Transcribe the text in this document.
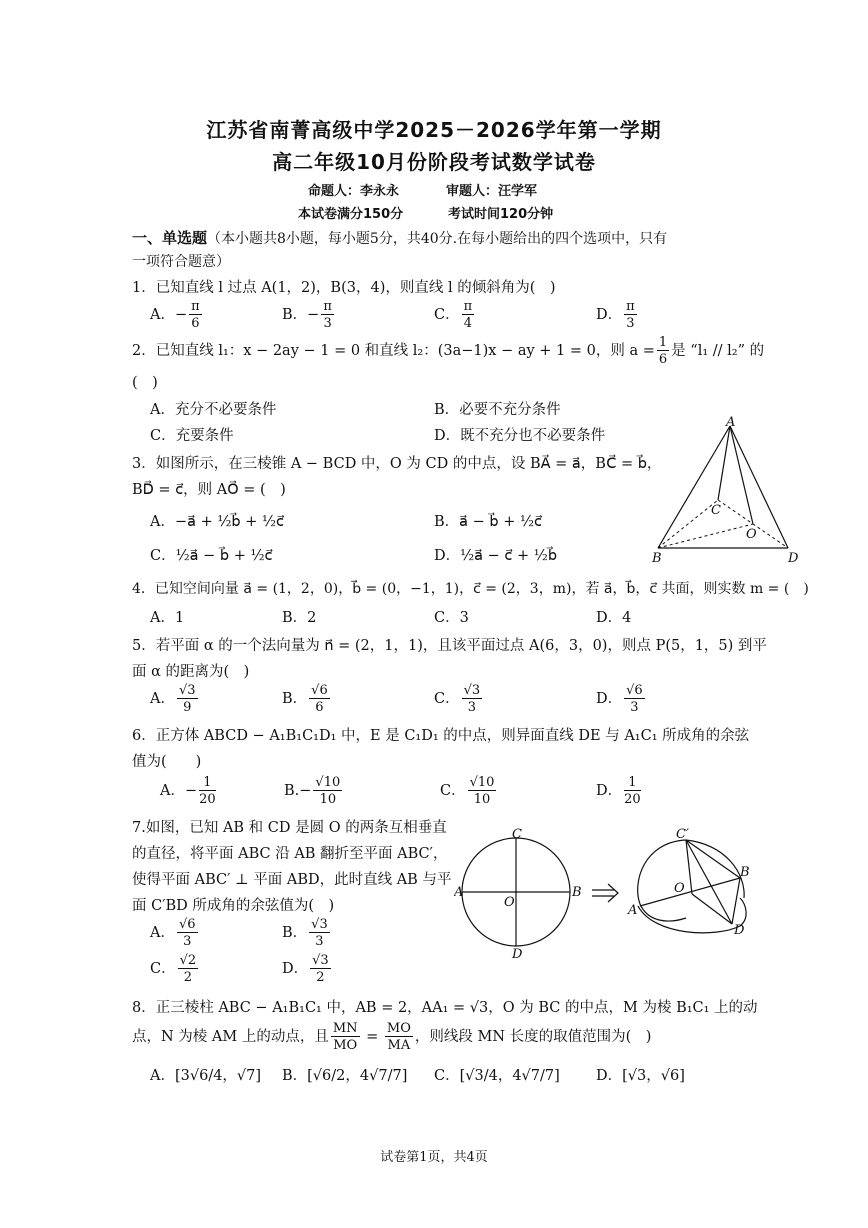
江苏省南菁高级中学2025－2026学年第一学期
高二年级10月份阶段考试数学试卷
命题人：李永永	审题人：汪学军
本试卷满分150分	考试时间120分钟
一、单选题（本小题共8小题，每小题5分，共40分.在每小题给出的四个选项中，只有
一项符合题意）
1．已知直线 l 过点 A(1，2)，B(3，4)，则直线 l 的倾斜角为(　)
A．− $\frac{\pi}{6}$	B．− $\frac{\pi}{3}$	C． $\frac{\pi}{4}$	D． $\frac{\pi}{3}$
2．已知直线 l₁：x − 2ay − 1 = 0 和直线 l₂：(3a−1)x − ay + 1 = 0，则 $a = \frac{1}{6}$ 是 “l₁ // l₂” 的
(　)
A．充分不必要条件	B．必要不充分条件
C．充要条件	D．既不充分也不必要条件
3．如图所示，在三棱锥 A − BCD 中，O 为 CD 的中点，设 BA⃗ = a⃗，BC⃗ = b⃗，
BD⃗ = c⃗，则 AO⃗ = (　)
A．−a⃗ + ½b⃗ + ½c⃗	B．a⃗ − b⃗ + ½c⃗
C．½a⃗ − b⃗ + ½c⃗	D．½a⃗ − c⃗ + ½b⃗
A
B
C
O
D
4．已知空间向量 a⃗ = (1，2，0)，b⃗ = (0，−1，1)，c⃗ = (2，3，m)，若 a⃗，b⃗，c⃗ 共面，则实数 m = (　)
A．1	B．2	C．3	D．4
5．若平面 α 的一个法向量为 n⃗ = (2，1，1)，且该平面过点 A(6，3，0)，则点 P(5，1，5) 到平
面 α 的距离为(　)
A． $\frac{√3}{9}$	B． $\frac{√6}{6}$	C． $\frac{√3}{3}$	D． $\frac{√6}{3}$
6．正方体 ABCD − A₁B₁C₁D₁ 中，E 是 C₁D₁ 的中点，则异面直线 DE 与 A₁C₁ 所成角的余弦
值为(　　)
A．− $\frac{1}{20}$	$B.- \frac{√10}{10}$	C． $\frac{√10}{10}$	D． $\frac{1}{20}$
7.如图，已知 AB 和 CD 是圆 O 的两条互相垂直
的直径，将平面 ABC 沿 AB 翻折至平面 ABC′，
使得平面 ABC′ ⊥ 平面 ABD，此时直线 AB 与平
面 C′BD 所成角的余弦值为(　)
A． $\frac{√6}{3}$	B． $\frac{√3}{3}$
C． $\frac{√2}{2}$	D． $\frac{√3}{2}$
C
A
O
B
D
C′
O
B
A
D
8．正三棱柱 ABC − A₁B₁C₁ 中，AB = 2，AA₁ = √3，O 为 BC 的中点，M 为棱 B₁C₁ 上的动
点，N 为棱 AM 上的动点，且 $\frac{MN}{MO} = \frac{MO}{MA}$ ，则线段 MN 长度的取值范围为(　)
A．[3√6/4，√7] B．[√6/2，4√7/7] C．[√3/4，4√7/7] D．[√3，√6]
试卷第1页，共4页
